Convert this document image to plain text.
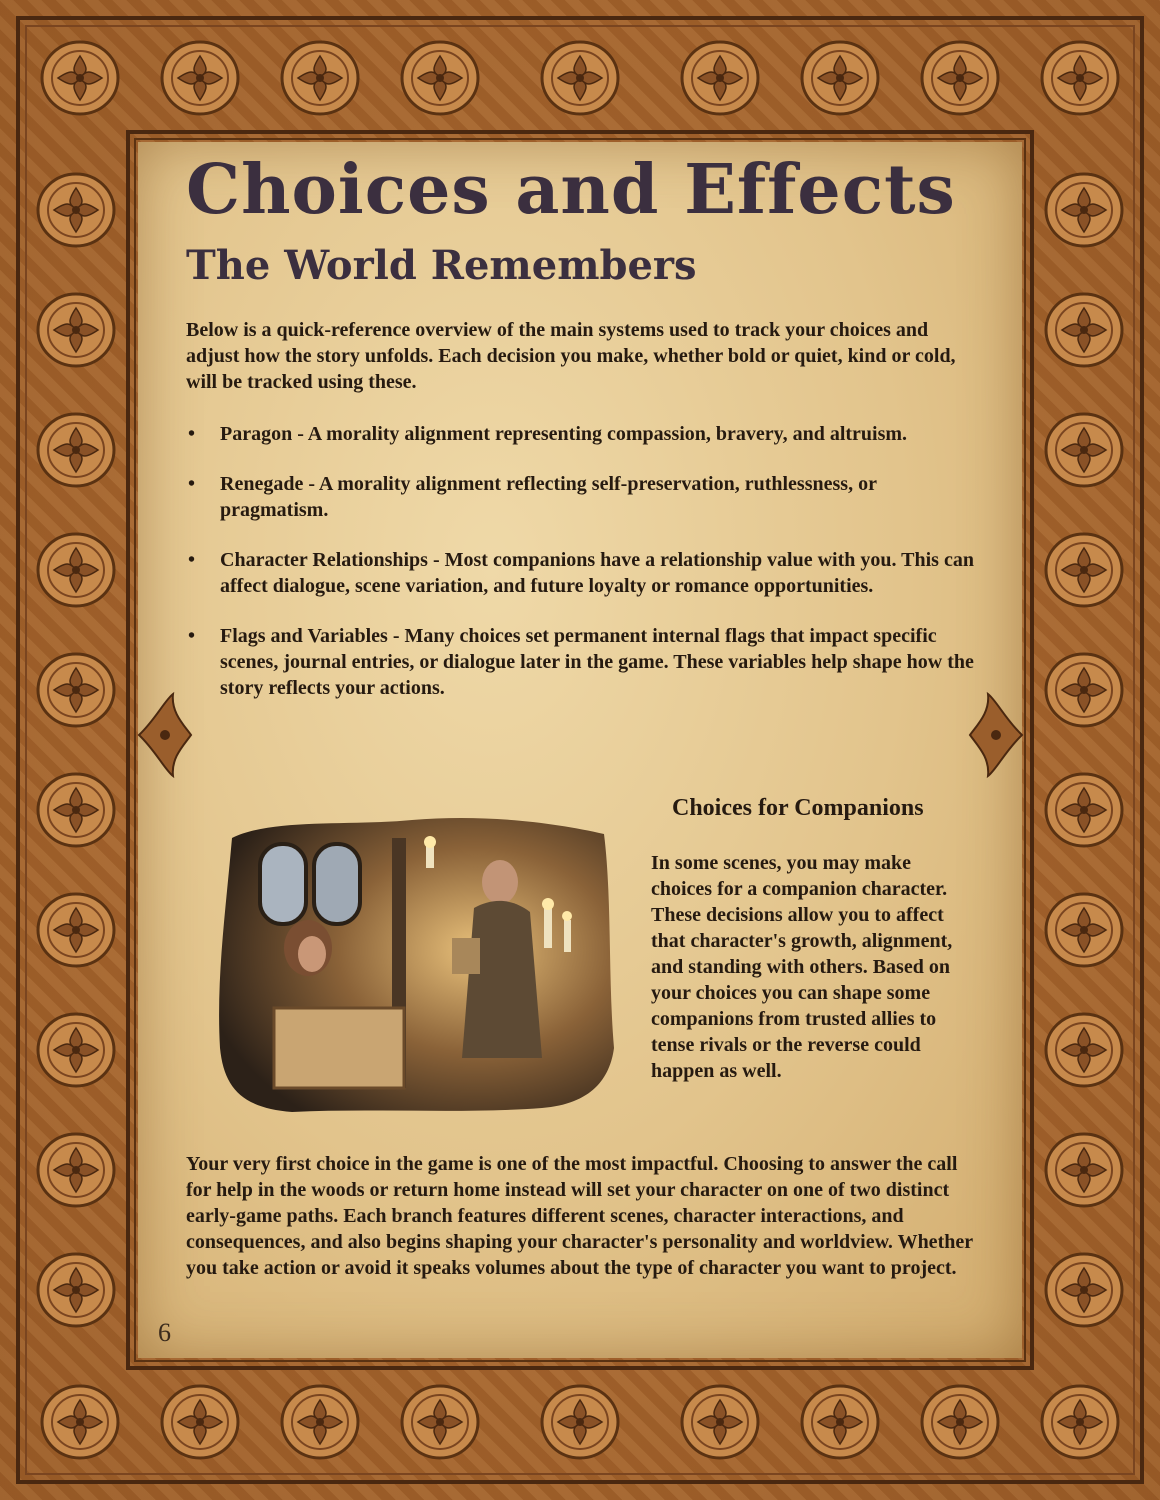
Choices and Effects
The World Remembers

Below is a quick-reference overview of the main systems used to track your choices and adjust how the story unfolds. Each decision you make, whether bold or quiet, kind or cold, will be tracked using these.

• Paragon - A morality alignment representing compassion, bravery, and altruism.
• Renegade - A morality alignment reflecting self-preservation, ruthlessness, or pragmatism.
• Character Relationships - Most companions have a relationship value with you. This can affect dialogue, scene variation, and future loyalty or romance opportunities.
• Flags and Variables - Many choices set permanent internal flags that impact specific scenes, journal entries, or dialogue later in the game. These variables help shape how the story reflects your actions.
Choices for Companions

In some scenes, you may make choices for a companion character. These decisions allow you to affect that character's growth, alignment, and standing with others. Based on your choices you can shape some companions from trusted allies to tense rivals or the reverse could happen as well.

Your very first choice in the game is one of the most impactful. Choosing to answer the call for help in the woods or return home instead will set your character on one of two distinct early-game paths. Each branch features different scenes, character interactions, and consequences, and also begins shaping your character's personality and worldview. Whether you take action or avoid it speaks volumes about the type of character you want to project.

6
